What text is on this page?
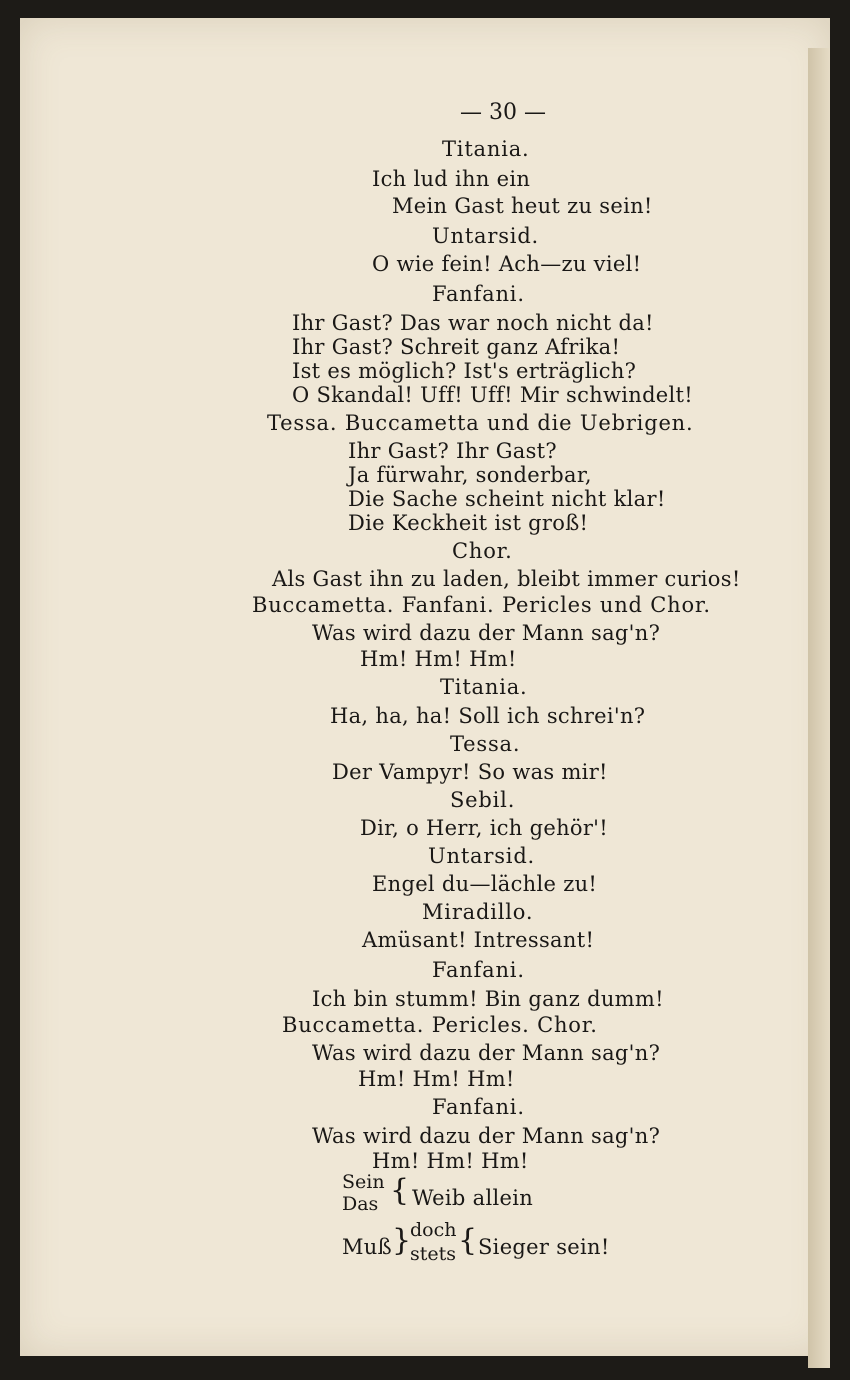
— 30 —
Titania.
Ich lud ihn ein
Mein Gast heut zu sein!
Untarsid.
O wie fein! Ach—zu viel!
Fanfani.
Ihr Gast? Das war noch nicht da!
Ihr Gast? Schreit ganz Afrika!
Ist es möglich? Ist's erträglich?
O Skandal! Uff! Uff! Mir schwindelt!
Tessa. Buccametta und die Uebrigen.
Ihr Gast? Ihr Gast?
Ja fürwahr, sonderbar,
Die Sache scheint nicht klar!
Die Keckheit ist groß!
Chor.
Als Gast ihn zu laden, bleibt immer curios!
Buccametta. Fanfani. Pericles und Chor.
Was wird dazu der Mann sag'n?
Hm! Hm! Hm!
Titania.
Ha, ha, ha! Soll ich schrei'n?
Tessa.
Der Vampyr! So was mir!
Sebil.
Dir, o Herr, ich gehör'!
Untarsid.
Engel du—lächle zu!
Miradillo.
Amüsant! Intressant!
Fanfani.
Ich bin stumm! Bin ganz dumm!
Buccametta. Pericles. Chor.
Was wird dazu der Mann sag'n?
Hm! Hm! Hm!
Fanfani.
Was wird dazu der Mann sag'n?
Hm! Hm! Hm!
Sein
Das { Weib allein
Muß }
doch
stets { Sieger sein!
